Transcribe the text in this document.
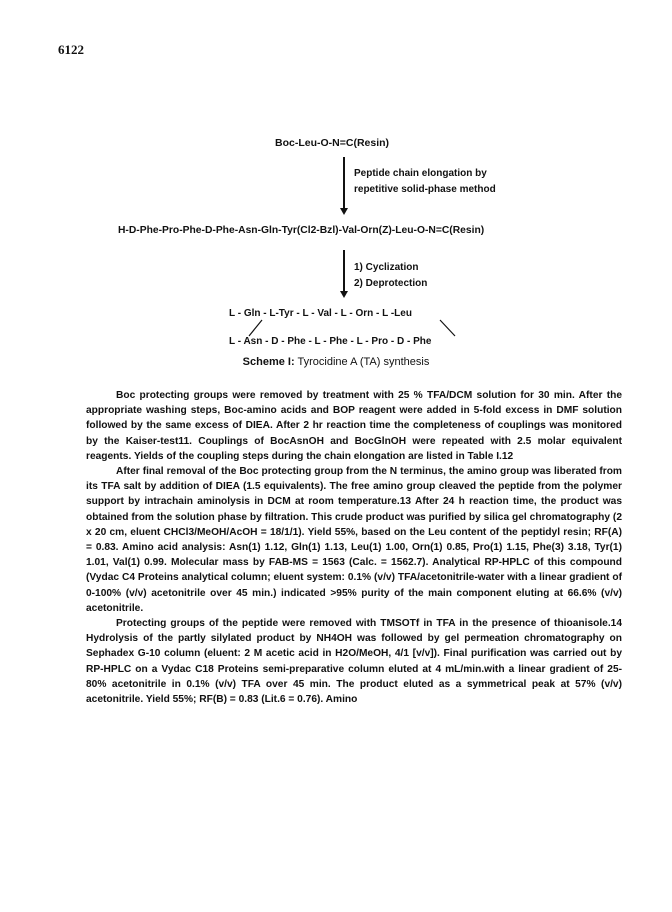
6122
Boc-Leu-O-N=C(Resin)
Peptide chain elongation by
repetitive solid-phase method
H-D-Phe-Pro-Phe-D-Phe-Asn-Gln-Tyr(Cl2-Bzl)-Val-Orn(Z)-Leu-O-N=C(Resin)
1) Cyclization
2) Deprotection
L - Gln - L-Tyr - L - Val - L - Orn - L -Leu
L - Asn - D - Phe - L - Phe - L - Pro - D - Phe
Scheme I: Tyrocidine A (TA) synthesis

Boc protecting groups were removed by treatment with 25 % TFA/DCM solution for 30 min. After the appropriate washing steps, Boc-amino acids and BOP reagent were added in 5-fold excess in DMF solution followed by the same excess of DIEA. After 2 hr reaction time the completeness of couplings was monitored by the Kaiser-test11. Couplings of BocAsnOH and BocGlnOH were repeated with 2.5 molar equivalent reagents. Yields of the coupling steps during the chain elongation are listed in Table I.12

After final removal of the Boc protecting group from the N terminus, the amino group was liberated from its TFA salt by addition of DIEA (1.5 equivalents). The free amino group cleaved the peptide from the polymer support by intrachain aminolysis in DCM at room temperature.13 After 24 h reaction time, the product was obtained from the solution phase by filtration. This crude product was purified by silica gel chromatography (2 x 20 cm, eluent CHCl3/MeOH/AcOH = 18/1/1). Yield 55%, based on the Leu content of the peptidyl resin; RF(A) = 0.83. Amino acid analysis: Asn(1) 1.12, Gln(1) 1.13, Leu(1) 1.00, Orn(1) 0.85, Pro(1) 1.15, Phe(3) 3.18, Tyr(1) 1.01, Val(1) 0.99. Molecular mass by FAB-MS = 1563 (Calc. = 1562.7). Analytical RP-HPLC of this compound (Vydac C4 Proteins analytical column; eluent system: 0.1% (v/v) TFA/acetonitrile-water with a linear gradient of 0-100% (v/v) acetonitrile over 45 min.) indicated >95% purity of the main component eluting at 66.6% (v/v) acetonitrile.

Protecting groups of the peptide were removed with TMSOTf in TFA in the presence of thioanisole.14 Hydrolysis of the partly silylated product by NH4OH was followed by gel permeation chromatography on Sephadex G-10 column (eluent: 2 M acetic acid in H2O/MeOH, 4/1 [v/v]). Final purification was carried out by RP-HPLC on a Vydac C18 Proteins semi-preparative column eluted at 4 mL/min.with a linear gradient of 25-80% acetonitrile in 0.1% (v/v) TFA over 45 min. The product eluted as a symmetrical peak at 57% (v/v) acetonitrile. Yield 55%; RF(B) = 0.83 (Lit.6 = 0.76). Amino
